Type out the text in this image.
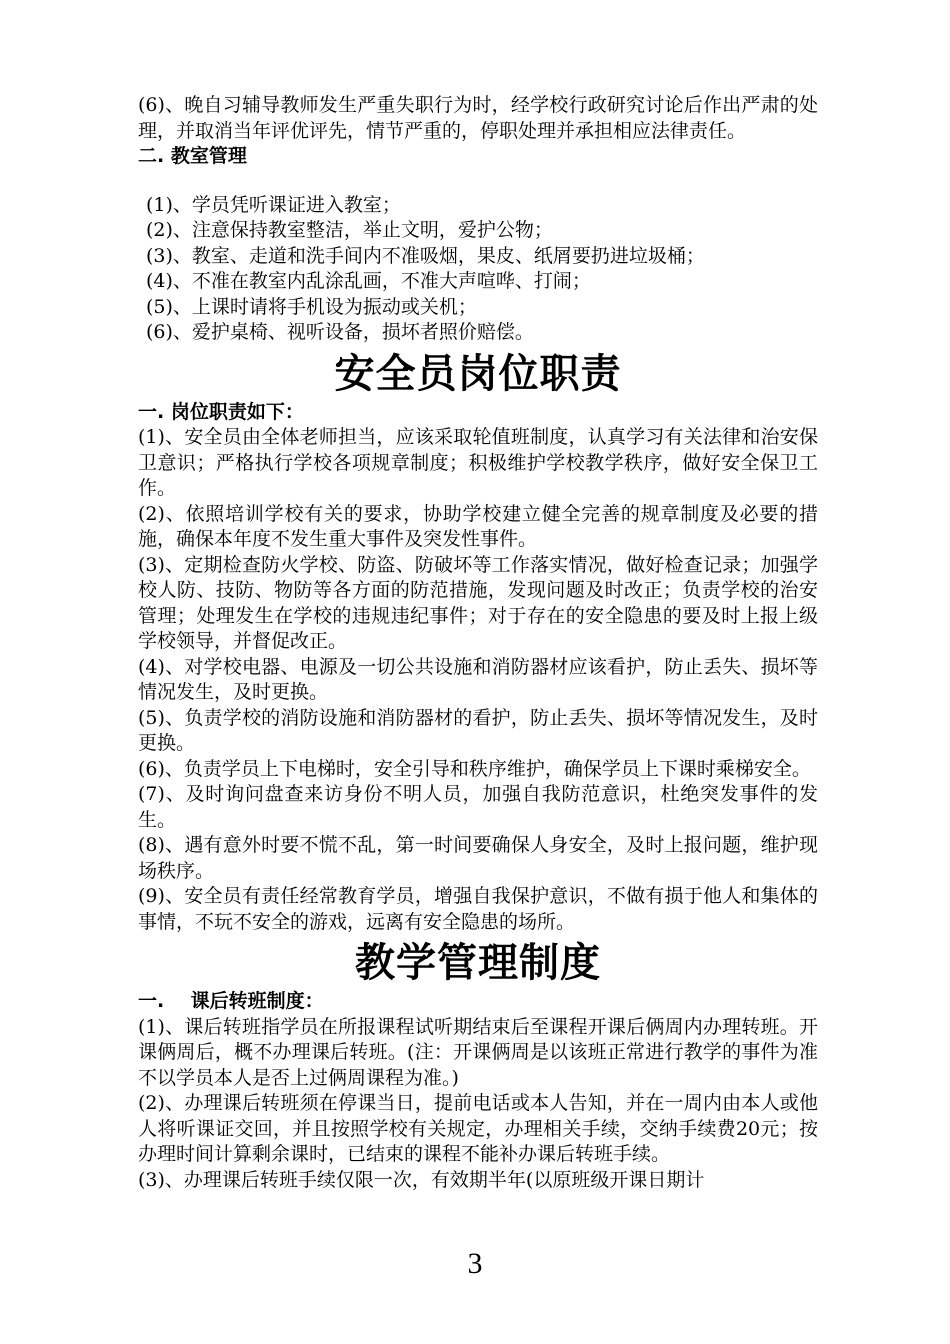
(6)、晚自习辅导教师发生严重失职行为时，经学校行政研究讨论后作出严肃的处理，并取消当年评优评先，情节严重的，停职处理并承担相应法律责任。

二. 教室管理

(1)、学员凭听课证进入教室；

(2)、注意保持教室整洁，举止文明，爱护公物；

(3)、教室、走道和洗手间内不准吸烟，果皮、纸屑要扔进垃圾桶；

(4)、不准在教室内乱涂乱画，不准大声喧哗、打闹；

(5)、上课时请将手机设为振动或关机；

(6)、爱护桌椅、视听设备，损坏者照价赔偿。

安全员岗位职责

一. 岗位职责如下：

(1)、安全员由全体老师担当，应该采取轮值班制度，认真学习有关法律和治安保卫意识；严格执行学校各项规章制度；积极维护学校教学秩序，做好安全保卫工作。

(2)、依照培训学校有关的要求，协助学校建立健全完善的规章制度及必要的措施，确保本年度不发生重大事件及突发性事件。

(3)、定期检查防火学校、防盗、防破坏等工作落实情况，做好检查记录；加强学校人防、技防、物防等各方面的防范措施，发现问题及时改正；负责学校的治安管理；处理发生在学校的违规违纪事件；对于存在的安全隐患的要及时上报上级学校领导，并督促改正。

(4)、对学校电器、电源及一切公共设施和消防器材应该看护，防止丢失、损坏等情况发生，及时更换。

(5)、负责学校的消防设施和消防器材的看护，防止丢失、损坏等情况发生，及时更换。

(6)、负责学员上下电梯时，安全引导和秩序维护，确保学员上下课时乘梯安全。

(7)、及时询问盘查来访身份不明人员，加强自我防范意识，杜绝突发事件的发生。

(8)、遇有意外时要不慌不乱，第一时间要确保人身安全，及时上报问题，维护现场秩序。

(9)、安全员有责任经常教育学员，增强自我保护意识，不做有损于他人和集体的事情，不玩不安全的游戏，远离有安全隐患的场所。

教学管理制度

一.    课后转班制度：

(1)、课后转班指学员在所报课程试听期结束后至课程开课后俩周内办理转班。开课俩周后，概不办理课后转班。(注：开课俩周是以该班正常进行教学的事件为准不以学员本人是否上过俩周课程为准。)

(2)、办理课后转班须在停课当日，提前电话或本人告知，并在一周内由本人或他人将听课证交回，并且按照学校有关规定，办理相关手续，交纳手续费20元；按办理时间计算剩余课时，已结束的课程不能补办课后转班手续。

(3)、办理课后转班手续仅限一次，有效期半年(以原班级开课日期计

3
